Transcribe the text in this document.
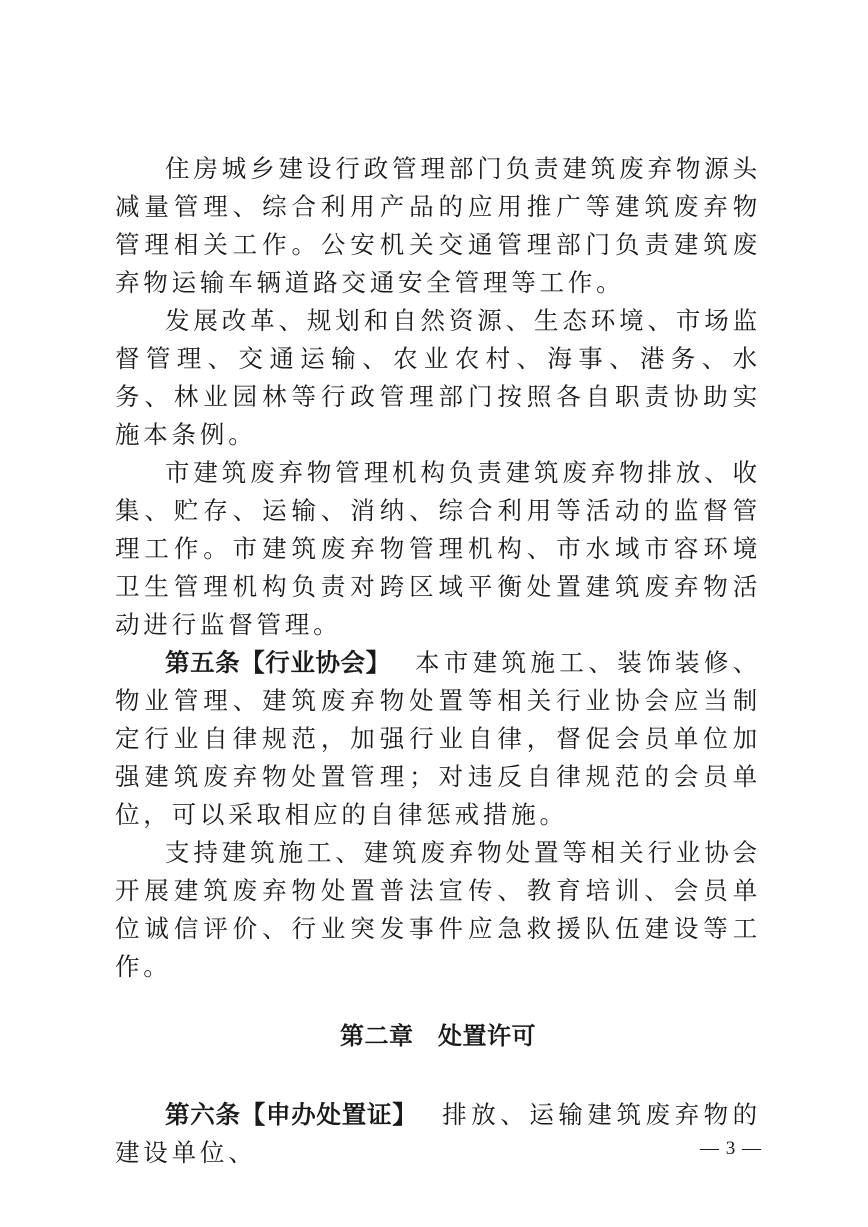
住房城乡建设行政管理部门负责建筑废弃物源头减量管理、综合利用产品的应用推广等建筑废弃物管理相关工作。公安机关交通管理部门负责建筑废弃物运输车辆道路交通安全管理等工作。

发展改革、规划和自然资源、生态环境、市场监督管理、交通运输、农业农村、海事、港务、水务、林业园林等行政管理部门按照各自职责协助实施本条例。

市建筑废弃物管理机构负责建筑废弃物排放、收集、贮存、运输、消纳、综合利用等活动的监督管理工作。市建筑废弃物管理机构、市水域市容环境卫生管理机构负责对跨区域平衡处置建筑废弃物活动进行监督管理。

第五条【行业协会】 本市建筑施工、装饰装修、物业管理、建筑废弃物处置等相关行业协会应当制定行业自律规范，加强行业自律，督促会员单位加强建筑废弃物处置管理；对违反自律规范的会员单位，可以采取相应的自律惩戒措施。

支持建筑施工、建筑废弃物处置等相关行业协会开展建筑废弃物处置普法宣传、教育培训、会员单位诚信评价、行业突发事件应急救援队伍建设等工作。

第二章　处置许可

第六条【申办处置证】 排放、运输建筑废弃物的建设单位、	— 3 —
